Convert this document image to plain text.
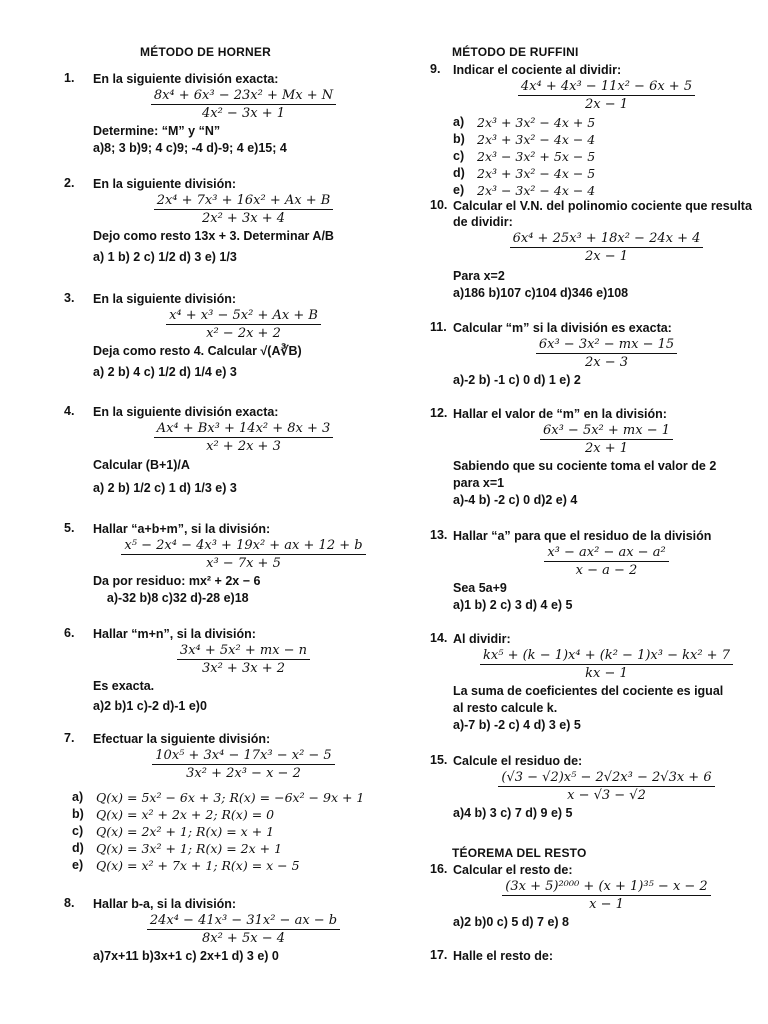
MÉTODO DE HORNER
1. En la siguiente división exacta:
$\frac{\text{8x⁴ + 6x³ − 23x² + Mx + N}}{\text{4x² − 3x + 1}}$
Determine: “M” y “N”
a)8; 3 b)9; 4 c)9; -4 d)-9; 4 e)15; 4
2. En la siguiente división:
$\frac{\text{2x⁴ + 7x³ + 16x² + Ax + B}}{\text{2x² + 3x + 4}}$
Dejo como resto 13x + 3. Determinar A/B
a) 1 b) 2 c) 1/2 d) 3 e) 1/3
3. En la siguiente división:
$\frac{\text{x⁴ + x³ − 5x² + Ax + B}}{\text{x² − 2x + 2}}$
Deja como resto 4. Calcular √(A∛B)
a) 2 b) 4 c) 1/2 d) 1/4 e) 3
4. En la siguiente división exacta:
$\frac{\text{Ax⁴ + Bx³ + 14x² + 8x + 3}}{\text{x² + 2x + 3}}$
Calcular (B+1)/A
a) 2 b) 1/2 c) 1 d) 1/3 e) 3
5. Hallar “a+b+m”, si la división:
$\frac{\text{x⁵ − 2x⁴ − 4x³ + 19x² + ax + 12 + b}}{\text{x³ − 7x + 5}}$
Da por residuo: mx² + 2x − 6
a)-32 b)8 c)32 d)-28 e)18
6. Hallar “m+n”, si la división:
$\frac{\text{3x⁴ + 5x² + mx − n}}{\text{3x² + 3x + 2}}$
Es exacta.
a)2 b)1 c)-2 d)-1 e)0
7. Efectuar la siguiente división:
$\frac{\text{10x⁵ + 3x⁴ − 17x³ − x² − 5}}{\text{3x² + 2x³ − x − 2}}$
a)	Q(x) = 5x² − 6x + 3; R(x) = −6x² − 9x + 1
b) Q(x) = x² + 2x + 2; R(x) = 0
c)	Q(x) = 2x² + 1; R(x) = x + 1
d) Q(x) = 3x² + 1; R(x) = 2x + 1
e)	Q(x) = x² + 7x + 1; R(x) = x − 5
8. Hallar b-a, si la división:
$\frac{\text{24x⁴ − 41x³ − 31x² − ax − b}}{\text{8x² + 5x − 4}}$
a)7x+11 b)3x+1 c) 2x+1 d) 3 e) 0
MÉTODO DE RUFFINI
9. Indicar el cociente al dividir:
$\frac{\text{4x⁴ + 4x³ − 11x² − 6x + 5}}{2x - 1}$
a)	2x³ + 3x² − 4x + 5
b) 2x³ + 3x² − 4x − 4
c)	2x³ − 3x² + 5x − 5
d) 2x³ + 3x² − 4x − 5
e)	2x³ − 3x² − 4x − 4
10. Calcular el V.N. del polinomio cociente que resulta de dividir:
$\frac{\text{6x⁴ + 25x³ + 18x² − 24x + 4}}{2x - 1}$
Para x=2
a)186 b)107 c)104 d)346 e)108
11. Calcular “m” si la división es exacta:
$\frac{\text{6x³ − 3x² − mx − 15}}{2x - 3}$
a)-2 b) -1 c) 0 d) 1 e) 2
12. Hallar el valor de “m” en la división:
$\frac{\text{6x³ − 5x² + mx − 1}}{2x + 1}$
Sabiendo que su cociente toma el valor de 2
para x=1
a)-4 b) -2 c) 0 d)2 e) 4
13. Hallar “a” para que el residuo de la división
$\frac{\text{x³ − ax² − ax − a²}}{x - a - 2}$
Sea 5a+9
a)1 b) 2 c) 3 d) 4 e) 5
14. Al dividir:
$\frac{\text{kx⁵ + (k − 1)x⁴ + (k² − 1)x³ − kx² + 7}}{kx - 1}$
La suma de coeficientes del cociente es igual
al resto calcule k.
a)-7 b) -2 c) 4 d) 3 e) 5
15. Calcule el residuo de:
$\frac{\text{(√3 − √2)x⁵ − 2√2x³ − 2√3x + 6}}{x - √3 - √2}$
a)4 b) 3 c) 7 d) 9 e) 5
TÉOREMA DEL RESTO
16. Calcular el resto de:
$\frac{\text{(3x + 5)²⁰⁰⁰ + (x + 1)³⁵ − x − 2}}{x - 1}$
a)2 b)0 c) 5 d) 7 e) 8
17. Halle el resto de:
